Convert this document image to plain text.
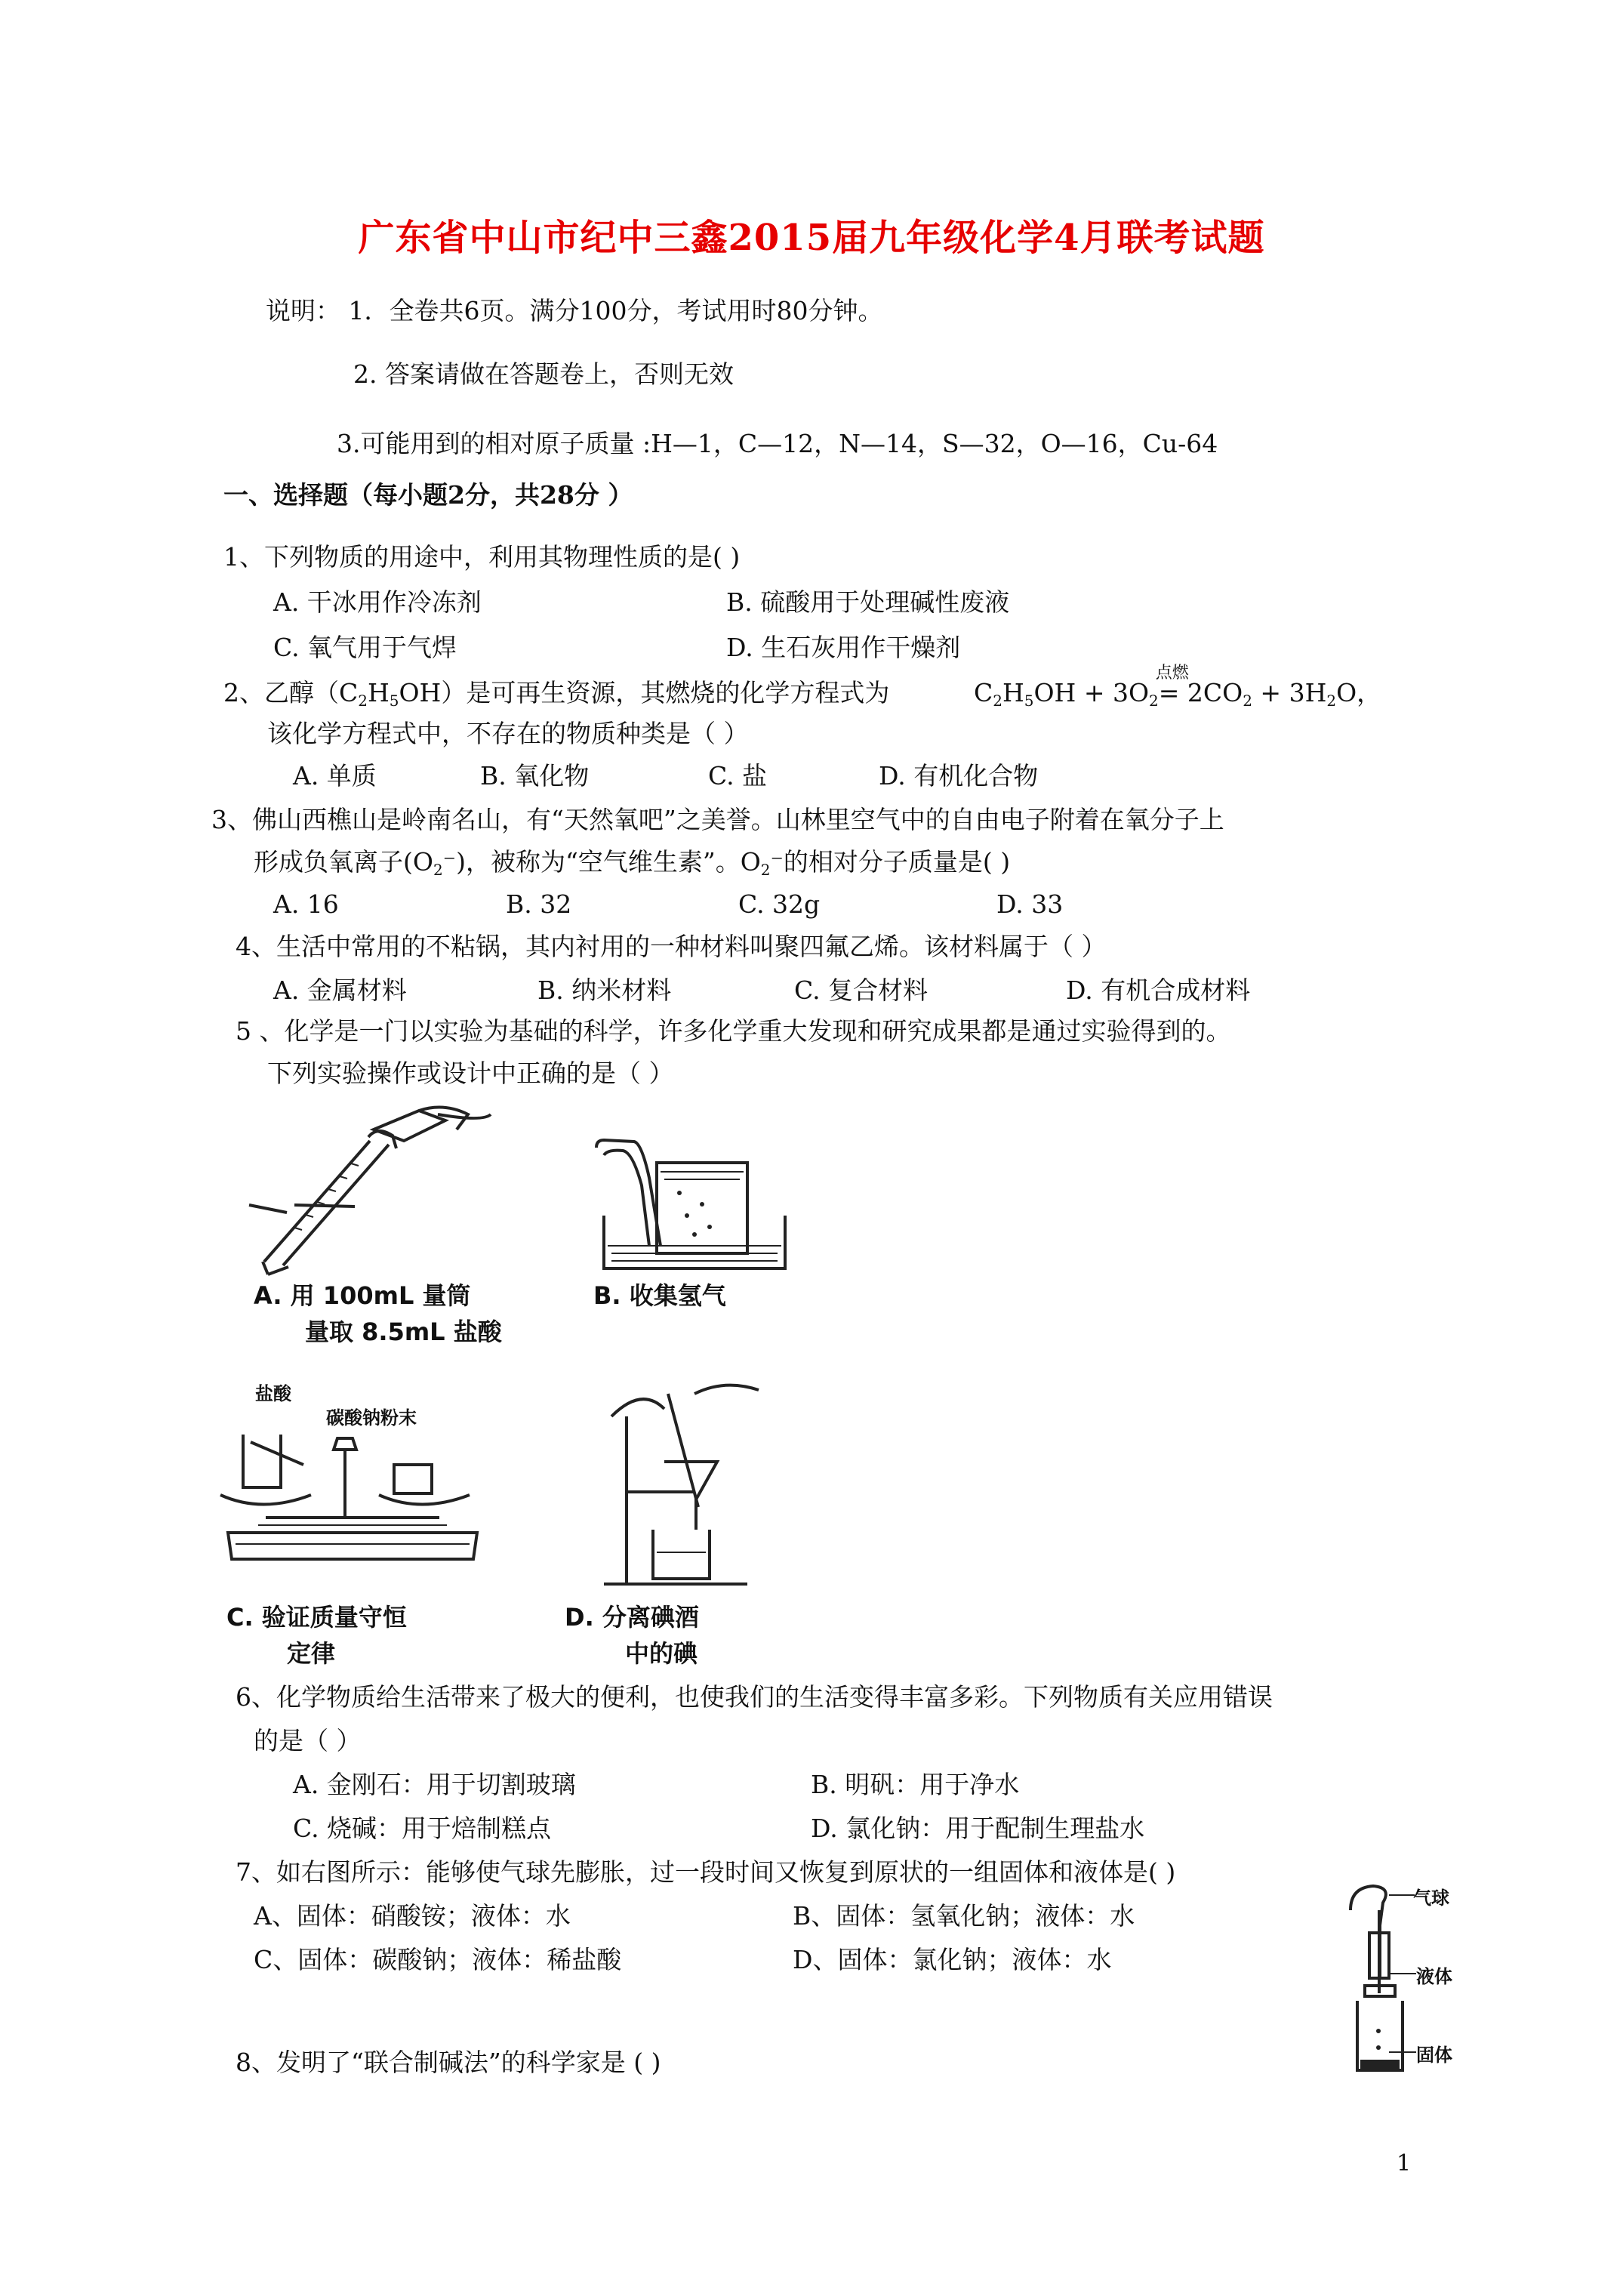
广东省中山市纪中三鑫2015届九年级化学4月联考试题
说明： 1．全卷共6页。满分100分，考试用时80分钟。
2. 答案请做在答题卷上，否则无效
3.可能用到的相对原子质量 :H—1，C—12，N—14，S—32，O—16，Cu-64
一、选择题（每小题2分，共28分 ）
1、下列物质的用途中，利用其物理性质的是( )
A. 干冰用作冷冻剂	B. 硫酸用于处理碱性废液
C. 氧气用于气焊	D. 生石灰用作干燥剂
2、乙醇$(C_2H_5OH)$是可再生资源，其燃烧的化学方程式为	$C_2H_5OH + 3O_2$
点燃
= $2CO_2 + 3H_2O$，
该化学方程式中，不存在的物质种类是（ ）
A. 单质	B. 氧化物	C. 盐	D. 有机化合物
3、佛山西樵山是岭南名山，有“天然氧吧”之美誉。山林里空气中的自由电子附着在氧分子上
形成负氧离子$(O_2^-)$，被称为“空气维生素”。$O_2^-$的相对分子质量是( )
A. 16	B. 32	C. 32g	D. 33
4、生活中常用的不粘锅，其内衬用的一种材料叫聚四氟乙烯。该材料属于（ ）
A. 金属材料	B. 纳米材料	C. 复合材料	D. 有机合成材料
5 、化学是一门以实验为基础的科学，许多化学重大发现和研究成果都是通过实验得到的。
下列实验操作或设计中正确的是（ ）
A. 用 100mL 量筒
量取 8.5mL 盐酸
B. 收集氢气
盐酸
碳酸钠粉末
C. 验证质量守恒
定律
D. 分离碘酒
中的碘
6、化学物质给生活带来了极大的便利，也使我们的生活变得丰富多彩。下列物质有关应用错误
的是（ ）
A. 金刚石：用于切割玻璃	B. 明矾：用于净水
C. 烧碱：用于焙制糕点	D. 氯化钠：用于配制生理盐水
7、如右图所示：能够使气球先膨胀，过一段时间又恢复到原状的一组固体和液体是( )
A、固体：硝酸铵；液体：水	B、固体：氢氧化钠；液体：水
C、固体：碳酸钠；液体：稀盐酸	D、固体：氯化钠；液体：水
气球
液体
固体
8、发明了“联合制碱法”的科学家是 ( )
1
